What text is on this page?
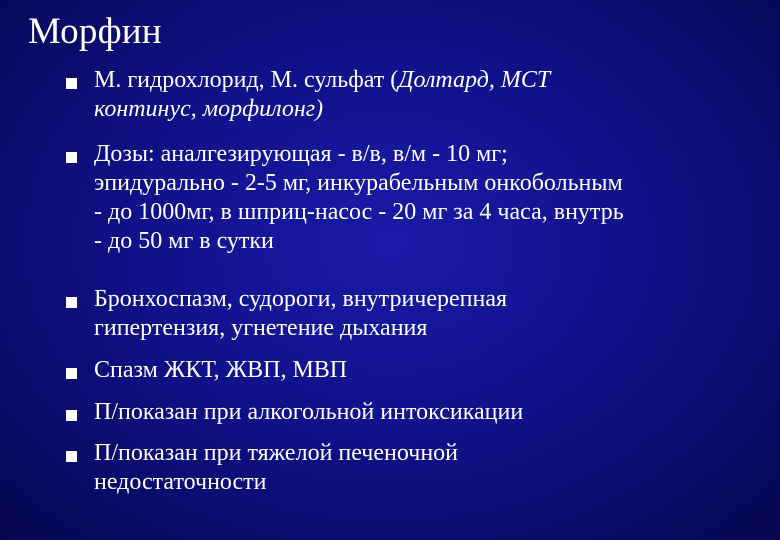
Морфин
М. гидрохлорид, М. сульфат (Долтард, МСТ
континус, морфилонг)
Дозы: аналгезирующая - в/в, в/м - 10 мг;
эпидурально - 2-5 мг, инкурабельным онкобольным
- до 1000мг, в шприц-насос - 20 мг за 4 часа, внутрь
- до 50 мг в сутки
Бронхоспазм, судороги, внутричерепная
гипертензия, угнетение дыхания
Спазм ЖКТ, ЖВП, МВП
П/показан при алкогольной интоксикации
П/показан при тяжелой печеночной
недостаточности
